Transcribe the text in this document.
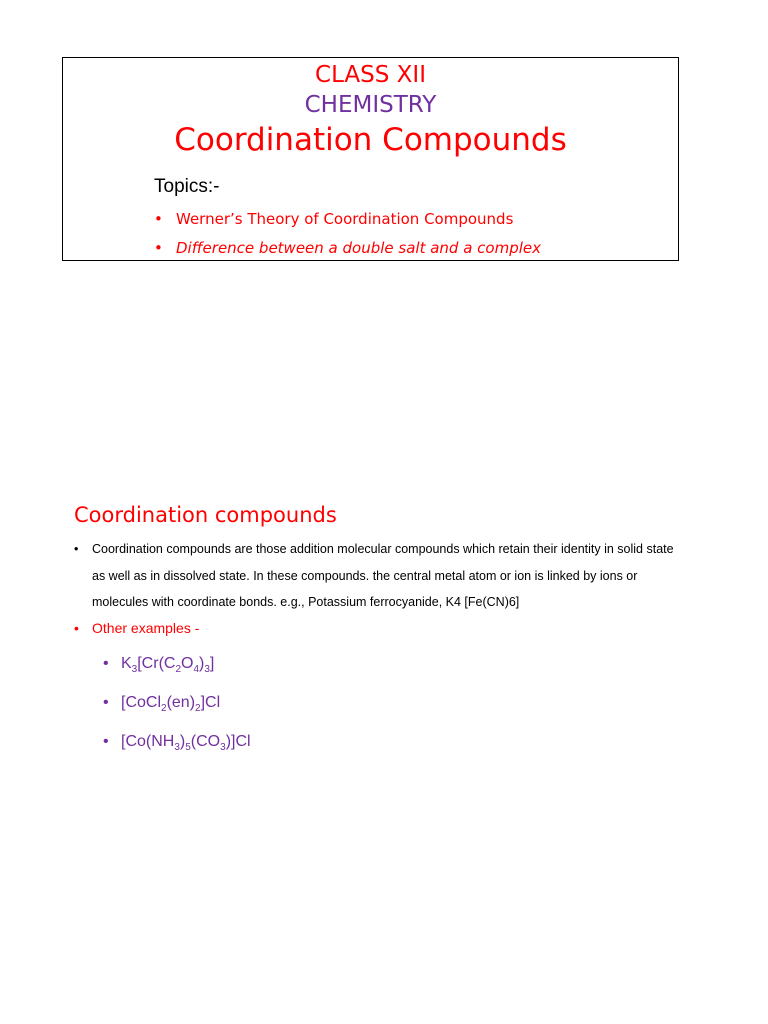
CLASS XII
CHEMISTRY
Coordination Compounds
Topics:-
• Werner’s Theory of Coordination Compounds
• Difference between a double salt and a complex
Coordination compounds
•	Coordination compounds are those addition molecular compounds which retain their identity in solid state as well as in dissolved state. In these compounds. the central metal atom or ion is linked by ions or molecules with coordinate bonds. e.g., Potassium ferrocyanide, K4 [Fe(CN)6]
• Other examples -
• $K_3[Cr(C_2O_4)_3]$
• $[CoCl_2(en)_2]Cl$
• $[Co(NH_3)_5(CO_3)]Cl$
